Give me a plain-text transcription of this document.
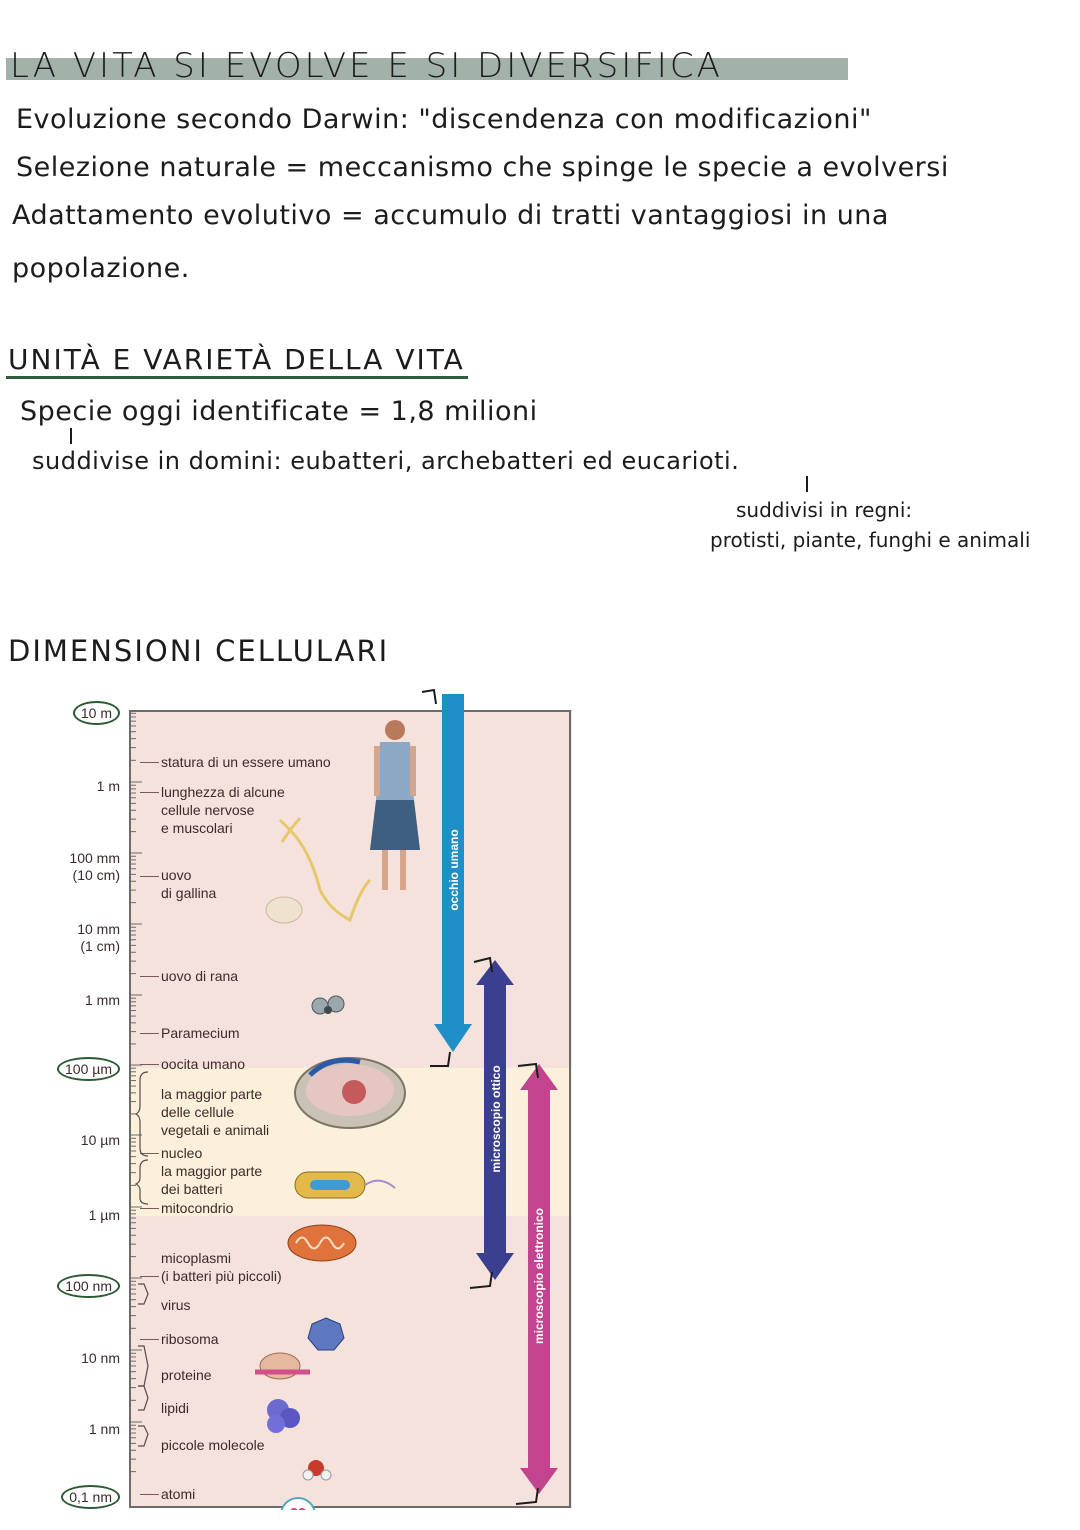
LA VITA SI EVOLVE E SI DIVERSIFICA
Evoluzione secondo Darwin: "discendenza con modificazioni"
Selezione naturale = meccanismo che spinge le specie a evolversi
Adattamento evolutivo = accumulo di tratti vantaggiosi in una
popolazione.
UNITÀ E VARIETÀ DELLA VITA
Specie oggi identificate = 1,8 milioni
suddivise in domini: eubatteri, archebatteri ed eucarioti.
suddivisi in regni:
protisti, piante, funghi e animali
DIMENSIONI CELLULARI
10 m
1 m
100 mm
(10 cm)
10 mm
(1 cm)
1 mm
100 µm
10 µm
1 µm
100 nm
10 nm
1 nm
0,1 nm
statura di un essere umano
lunghezza di alcune
cellule nervose
e muscolari
uovo
di gallina
uovo di rana
Paramecium
oocita umano
la maggior parte
delle cellule
vegetali e animali
nucleo
la maggior parte
dei batteri
mitocondrio
micoplasmi
(i batteri più piccoli)
virus
ribosoma
proteine
lipidi
piccole molecole
atomi
occhio umano
microscopio ottico
microscopio elettronico
